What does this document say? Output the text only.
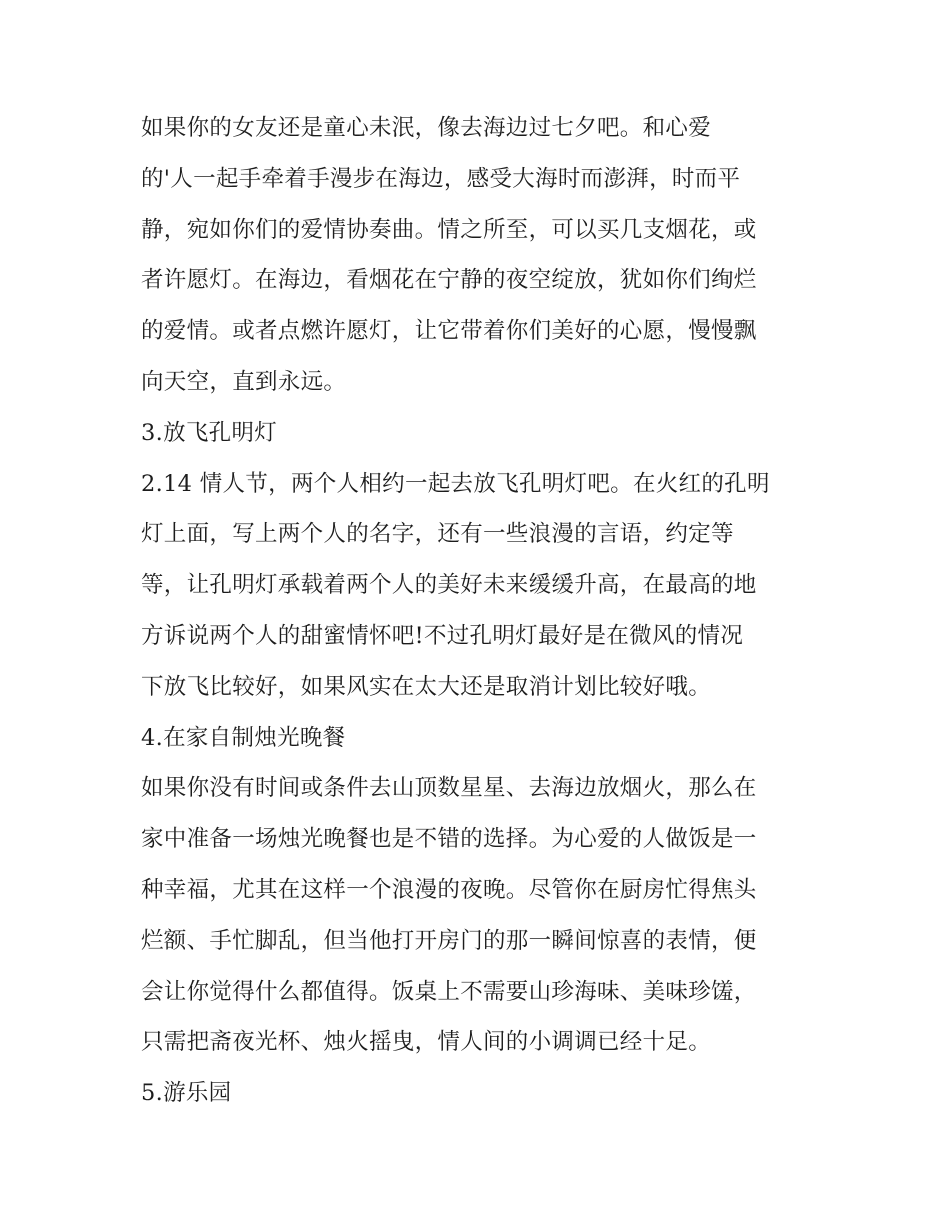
如果你的女友还是童心未泯，像去海边过七夕吧。和心爱
的'人一起手牵着手漫步在海边，感受大海时而澎湃，时而平
静，宛如你们的爱情协奏曲。情之所至，可以买几支烟花，或
者许愿灯。在海边，看烟花在宁静的夜空绽放，犹如你们绚烂
的爱情。或者点燃许愿灯，让它带着你们美好的心愿，慢慢飘
向天空，直到永远。
3.放飞孔明灯
2.14 情人节，两个人相约一起去放飞孔明灯吧。在火红的孔明
灯上面，写上两个人的名字，还有一些浪漫的言语，约定等
等，让孔明灯承载着两个人的美好未来缓缓升高，在最高的地
方诉说两个人的甜蜜情怀吧!不过孔明灯最好是在微风的情况
下放飞比较好，如果风实在太大还是取消计划比较好哦。
4.在家自制烛光晚餐
如果你没有时间或条件去山顶数星星、去海边放烟火，那么在
家中准备一场烛光晚餐也是不错的选择。为心爱的人做饭是一
种幸福，尤其在这样一个浪漫的夜晚。尽管你在厨房忙得焦头
烂额、手忙脚乱，但当他打开房门的那一瞬间惊喜的表情，便
会让你觉得什么都值得。饭桌上不需要山珍海味、美味珍馐，
只需把斋夜光杯、烛火摇曳，情人间的小调调已经十足。
5.游乐园
